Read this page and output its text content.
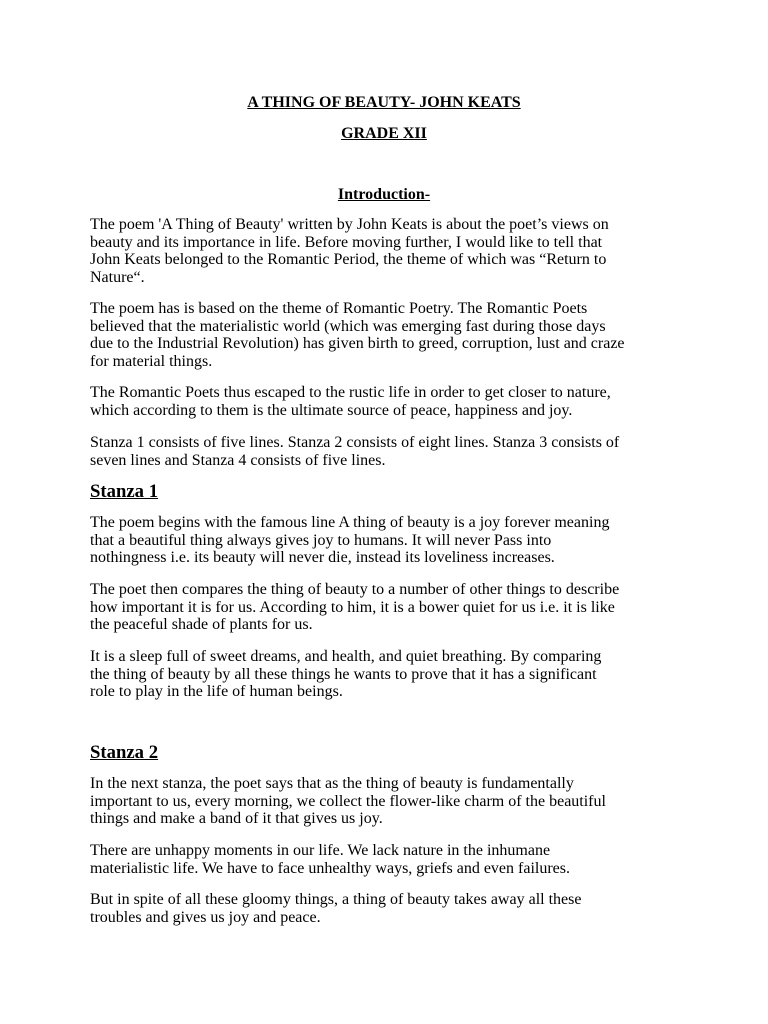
A THING OF BEAUTY- JOHN KEATS
GRADE XII
Introduction-

The poem 'A Thing of Beauty' written by John Keats is about the poet’s views on
beauty and its importance in life. Before moving further, I would like to tell that
John Keats belonged to the Romantic Period, the theme of which was “Return to
Nature“.

The poem has is based on the theme of Romantic Poetry. The Romantic Poets
believed that the materialistic world (which was emerging fast during those days
due to the Industrial Revolution) has given birth to greed, corruption, lust and craze
for material things.

The Romantic Poets thus escaped to the rustic life in order to get closer to nature,
which according to them is the ultimate source of peace, happiness and joy.

Stanza 1 consists of five lines. Stanza 2 consists of eight lines. Stanza 3 consists of
seven lines and Stanza 4 consists of five lines.

Stanza 1

The poem begins with the famous line A thing of beauty is a joy forever meaning
that a beautiful thing always gives joy to humans. It will never Pass into
nothingness i.e. its beauty will never die, instead its loveliness increases.

The poet then compares the thing of beauty to a number of other things to describe
how important it is for us. According to him, it is a bower quiet for us i.e. it is like
the peaceful shade of plants for us.

It is a sleep full of sweet dreams, and health, and quiet breathing. By comparing
the thing of beauty by all these things he wants to prove that it has a significant
role to play in the life of human beings.

Stanza 2

In the next stanza, the poet says that as the thing of beauty is fundamentally
important to us, every morning, we collect the flower-like charm of the beautiful
things and make a band of it that gives us joy.

There are unhappy moments in our life. We lack nature in the inhumane
materialistic life. We have to face unhealthy ways, griefs and even failures.

But in spite of all these gloomy things, a thing of beauty takes away all these
troubles and gives us joy and peace.
